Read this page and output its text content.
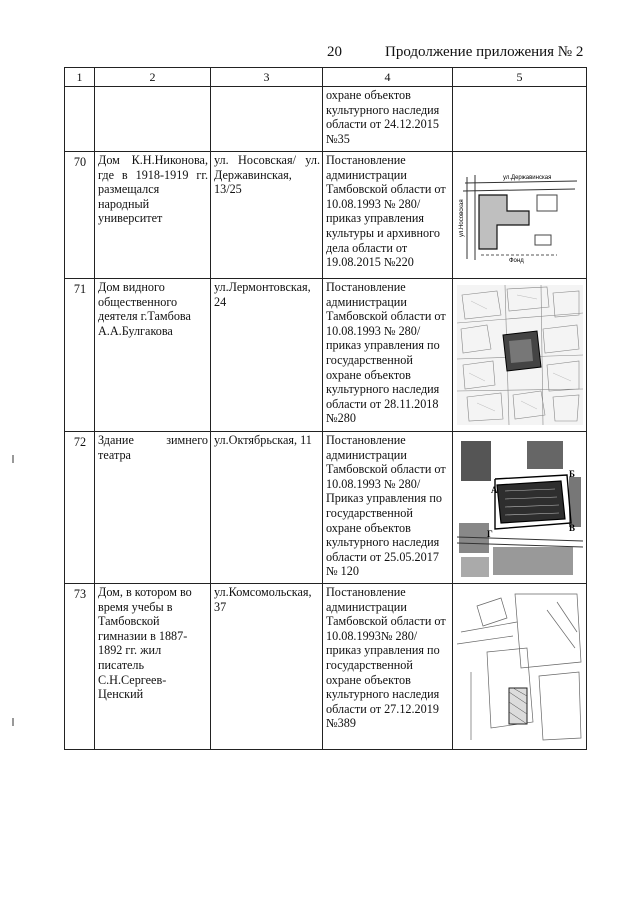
20	Продолжение приложения № 2
1	2	3	4	5
			охране объектов культурного наследия области от 24.12.2015 №35	
70	Дом К.Н.Никонова, где в 1918-1919 гг. размещался народный университет	ул. Носовская/ ул. Державинская, 13/25	Постановление администрации Тамбовской области от 10.08.1993 № 280/ приказ управления культуры и архивного дела области от 19.08.2015 №220	ул.Державинская
ул.Носовская
Фонд

71	Дом видного общественного деятеля г.Тамбова А.А.Булгакова	ул.Лермонтовская, 24	Постановление администрации Тамбовской области от 10.08.1993 № 280/ приказ управления по государственной охране объектов культурного наследия области от 28.11.2018 №280	

72	Здание зимнего театра	ул.Октябрьская, 11	Постановление администрации Тамбовской области от 10.08.1993 № 280/Приказ управления по государственной охране объектов культурного наследия области от 25.05.2017 № 120	А
Б
В
Г

73	Дом, в котором во время учебы в Тамбовской гимназии в 1887-1892 гг. жил писатель С.Н.Сергеев-Ценский	ул.Комсомольская, 37	Постановление администрации Тамбовской области от 10.08.1993№ 280/ приказ управления по государственной охране объектов культурного наследия области от 27.12.2019 №389	
